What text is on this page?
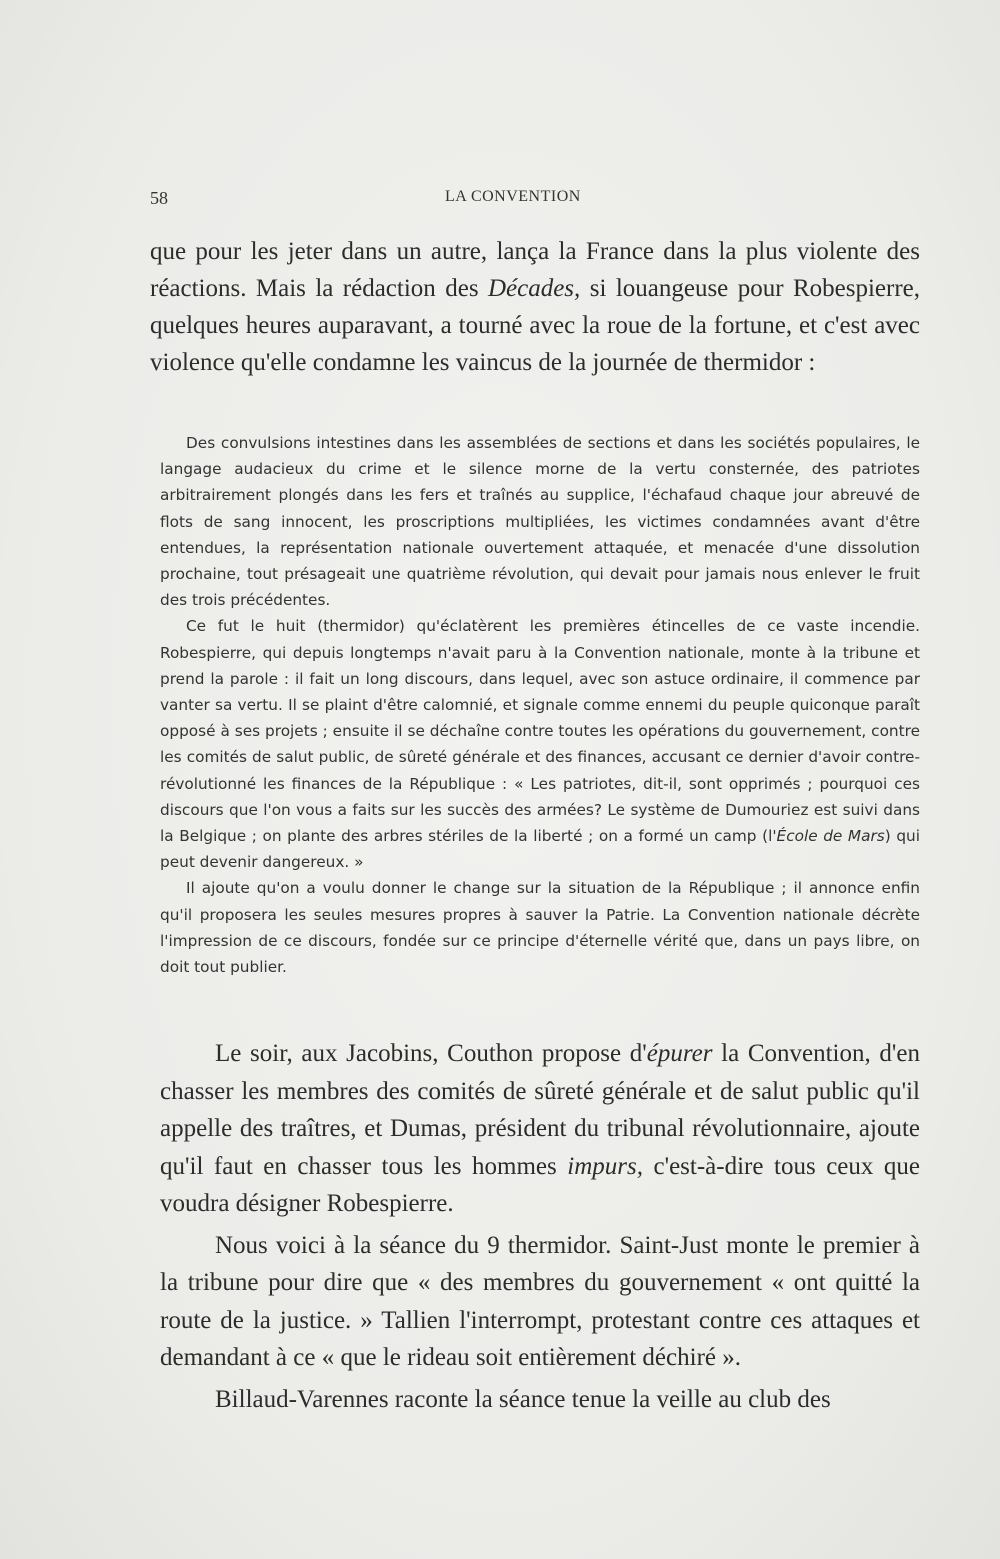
58	LA CONVENTION

que pour les jeter dans un autre, lança la France dans la plus violente des réactions. Mais la rédaction des Décades, si louangeuse pour Robespierre, quelques heures auparavant, a tourné avec la roue de la fortune, et c'est avec violence qu'elle condamne les vaincus de la journée de thermidor :

Des convulsions intestines dans les assemblées de sections et dans les sociétés populaires, le langage audacieux du crime et le silence morne de la vertu consternée, des patriotes arbitrairement plongés dans les fers et traînés au supplice, l'échafaud chaque jour abreuvé de flots de sang innocent, les proscriptions multipliées, les victimes condamnées avant d'être entendues, la représentation nationale ouvertement attaquée, et menacée d'une dissolution prochaine, tout présageait une quatrième révolution, qui devait pour jamais nous enlever le fruit des trois précédentes.

Ce fut le huit (thermidor) qu'éclatèrent les premières étincelles de ce vaste incendie. Robespierre, qui depuis longtemps n'avait paru à la Convention nationale, monte à la tribune et prend la parole : il fait un long discours, dans lequel, avec son astuce ordinaire, il commence par vanter sa vertu. Il se plaint d'être calomnié, et signale comme ennemi du peuple quiconque paraît opposé à ses projets ; ensuite il se déchaîne contre toutes les opérations du gouvernement, contre les comités de salut public, de sûreté générale et des finances, accusant ce dernier d'avoir contre-révolutionné les finances de la République : « Les patriotes, dit-il, sont opprimés ; pourquoi ces discours que l'on vous a faits sur les succès des armées? Le système de Dumouriez est suivi dans la Belgique ; on plante des arbres stériles de la liberté ; on a formé un camp (l'École de Mars) qui peut devenir dangereux. »

Il ajoute qu'on a voulu donner le change sur la situation de la République ; il annonce enfin qu'il proposera les seules mesures propres à sauver la Patrie. La Convention nationale décrète l'impression de ce discours, fondée sur ce principe d'éternelle vérité que, dans un pays libre, on doit tout publier.

Le soir, aux Jacobins, Couthon propose d'épurer la Convention, d'en chasser les membres des comités de sûreté générale et de salut public qu'il appelle des traîtres, et Dumas, président du tribunal révolutionnaire, ajoute qu'il faut en chasser tous les hommes impurs, c'est-à-dire tous ceux que voudra désigner Robespierre.

Nous voici à la séance du 9 thermidor. Saint-Just monte le premier à la tribune pour dire que « des membres du gouvernement « ont quitté la route de la justice. » Tallien l'interrompt, protestant contre ces attaques et demandant à ce « que le rideau soit entièrement déchiré ».

Billaud-Varennes raconte la séance tenue la veille au club des
